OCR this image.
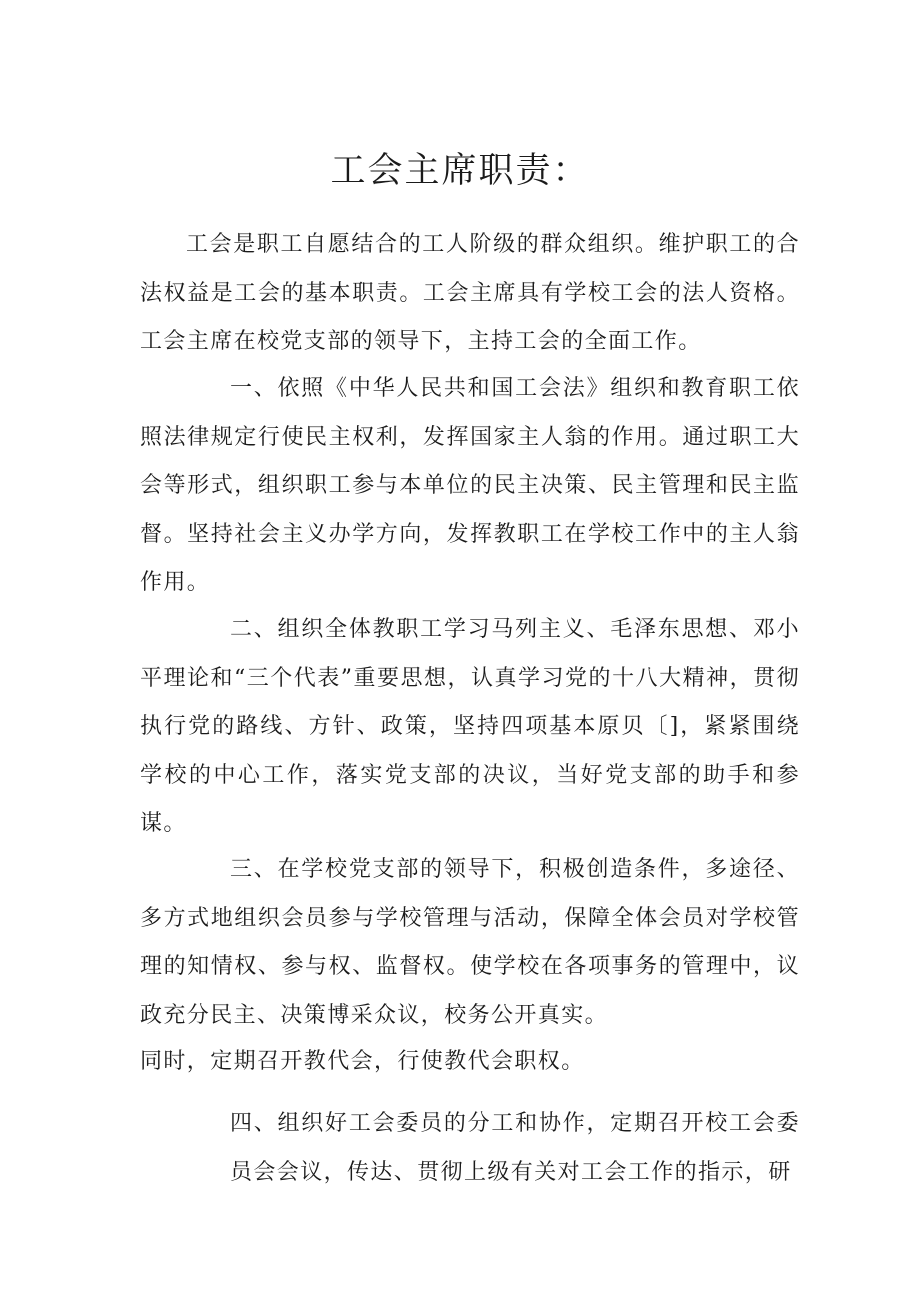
工会主席职责：

工会是职工自愿结合的工人阶级的群众组织。维护职工的合法权益是工会的基本职责。工会主席具有学校工会的法人资格。工会主席在校党支部的领导下，主持工会的全面工作。

一、依照《中华人民共和国工会法》组织和教育职工依照法律规定行使民主权利，发挥国家主人翁的作用。通过职工大会等形式，组织职工参与本单位的民主决策、民主管理和民主监督。坚持社会主义办学方向，发挥教职工在学校工作中的主人翁作用。

二、组织全体教职工学习马列主义、毛泽东思想、邓小平理论和“三个代表”重要思想，认真学习党的十八大精神，贯彻执行党的路线、方针、政策，坚持四项基本原贝〔]，紧紧围绕学校的中心工作，落实党支部的决议，当好党支部的助手和参谋。

三、在学校党支部的领导下，积极创造条件，多途径、多方式地组织会员参与学校管理与活动，保障全体会员对学校管理的知情权、参与权、监督权。使学校在各项事务的管理中，议政充分民主、决策博采众议，校务公开真实。

同时，定期召开教代会，行使教代会职权。

四、组织好工会委员的分工和协作，定期召开校工会委员会会议，传达、贯彻上级有关对工会工作的指示，研
